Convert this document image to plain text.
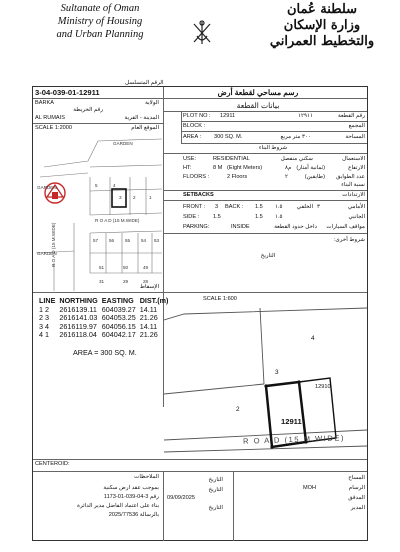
Sultanate of Oman
Ministry of Housing
and Urban Planning
سلطنة عُمان
وزارة الإسكان
والتخطيط العمراني
3-04-039-01-12911
الرقم المتسلسل
رسم مساحي لقطعة أرض
BARKA	الولاية
رقم الخريطة
AL RUMAIS	المدينة - القرية
SCALE 1:2000	الموقع العام
بيانات القطعة
PLOT NO : 12911	١٢٩١١	رقم القطعة
BLOCK :	المجمع
AREA : 300 SQ. M.	٣٠٠ متر مربع	المساحة
شروط البناء
USE:	RESIDENTIAL	سكني منفصل	الاستعمال
HT:	8 M (Eight Meters)	م٨ (ثمانية أمتار)	الارتفاع
FLOORS :	2 Floors	٢	(طابقين)	عدد الطوابق
نسبة البناء
SETBACKS	الارتدادات
FRONT : 3 BACK : 1.5 ١.٥	الخلفي ٣	الأمامي
SIDE : 1.5	1.5 ١.٥	الجانبي
PARKING:	INSIDE	داخل حدود القطعة	مواقف السيارات
شروط أخرى:
التاريخ
GARDEN
GARDEN
GARDEN
R O A D (15 M.WIDE)
R O A D (15 M.WIDE)
5	4
3 2	1
57 56 55 54 53
51	50	49
31	29	28
الإسقاط
LINE	NORTHING	EASTING	DIST.(m)
1 2	2616139.11	604039.27	14.11
2 3	2616141.03	604053.25	21.26
3 4	2616119.97	604056.15	14.11
4 1	2616118.04	604042.17	21.26
AREA = 300 SQ. M.
SCALE 1:600
4
2
3
12911
12910
R O A D (15 M.WIDE)
CENTEROID:
الملاحظات
بموجب عقد ارض سكنية
رقم 3-04-039-01-1173
بناء على اعتماد الفاضل مدير الدائرة
بالرسالة 2025/77536
التاريخ
التاريخ
09/09/2025
التاريخ
المساح
MOH	الرسام
المدقق
المدير
